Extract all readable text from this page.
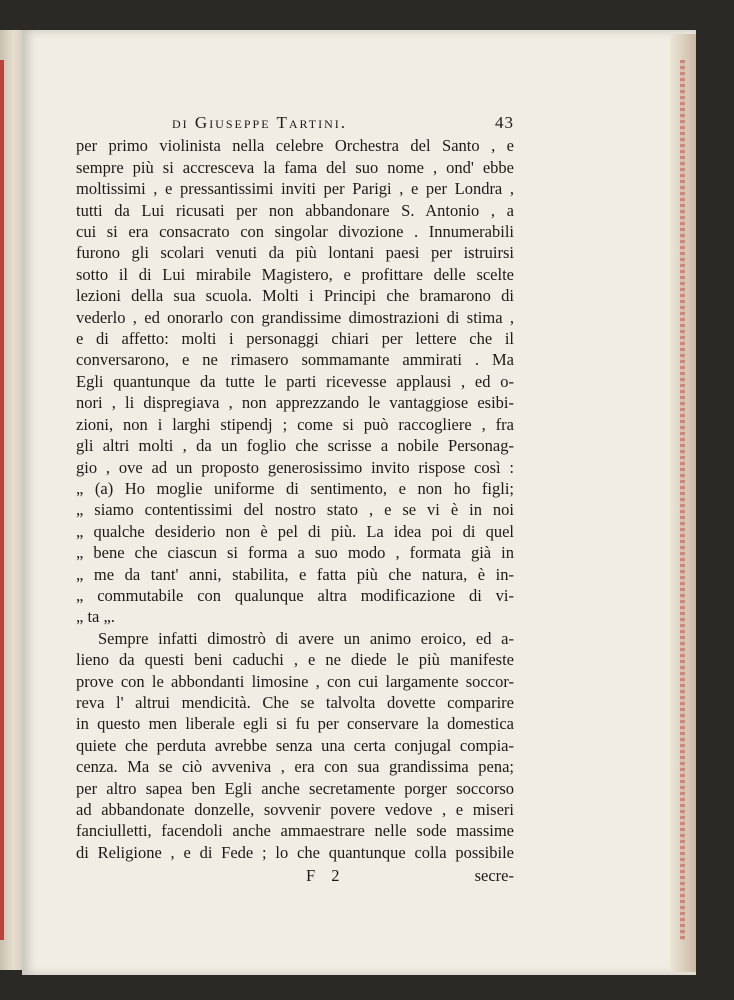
di Giuseppe Tartini.	43
per primo violinista nella celebre Orchestra del Santo , e
sempre più si accresceva la fama del suo nome , ond' ebbe
moltissimi , e pressantissimi inviti per Parigi , e per Londra ,
tutti da Lui ricusati per non abbandonare S. Antonio , a
cui si era consacrato con singolar divozione . Innumerabili
furono gli scolari venuti da più lontani paesi per istruirsi
sotto il di Lui mirabile Magistero, e profittare delle scelte
lezioni della sua scuola. Molti i Principi che bramarono di
vederlo , ed onorarlo con grandissime dimostrazioni di stima ,
e di affetto: molti i personaggi chiari per lettere che il
conversarono, e ne rimasero sommamante ammirati . Ma
Egli quantunque da tutte le parti ricevesse applausi , ed o-
nori , li dispregiava , non apprezzando le vantaggiose esibi-
zioni, non i larghi stipendj ; come si può raccogliere , fra
gli altri molti , da un foglio che scrisse a nobile Personag-
gio , ove ad un proposto generosissimo invito rispose così :
„ (a) Ho moglie uniforme di sentimento, e non ho figli;
„ siamo contentissimi del nostro stato , e se vi è in noi
„ qualche desiderio non è pel di più. La idea poi di quel
„ bene che ciascun si forma a suo modo , formata già in
„ me da tant' anni, stabilita, e fatta più che natura, è in-
„ commutabile con qualunque altra modificazione di vi-
„ ta „.
Sempre infatti dimostrò di avere un animo eroico, ed a-
lieno da questi beni caduchi , e ne diede le più manifeste
prove con le abbondanti limosine , con cui largamente soccor-
reva l' altrui mendicità. Che se talvolta dovette comparire
in questo men liberale egli si fu per conservare la domestica
quiete che perduta avrebbe senza una certa conjugal compia-
cenza. Ma se ciò avveniva , era con sua grandissima pena;
per altro sapea ben Egli anche secretamente porger soccorso
ad abbandonate donzelle, sovvenir povere vedove , e miseri
fanciulletti, facendoli anche ammaestrare nelle sode massime
di Religione , e di Fede ; lo che quantunque colla possibile
F 2	secre-
